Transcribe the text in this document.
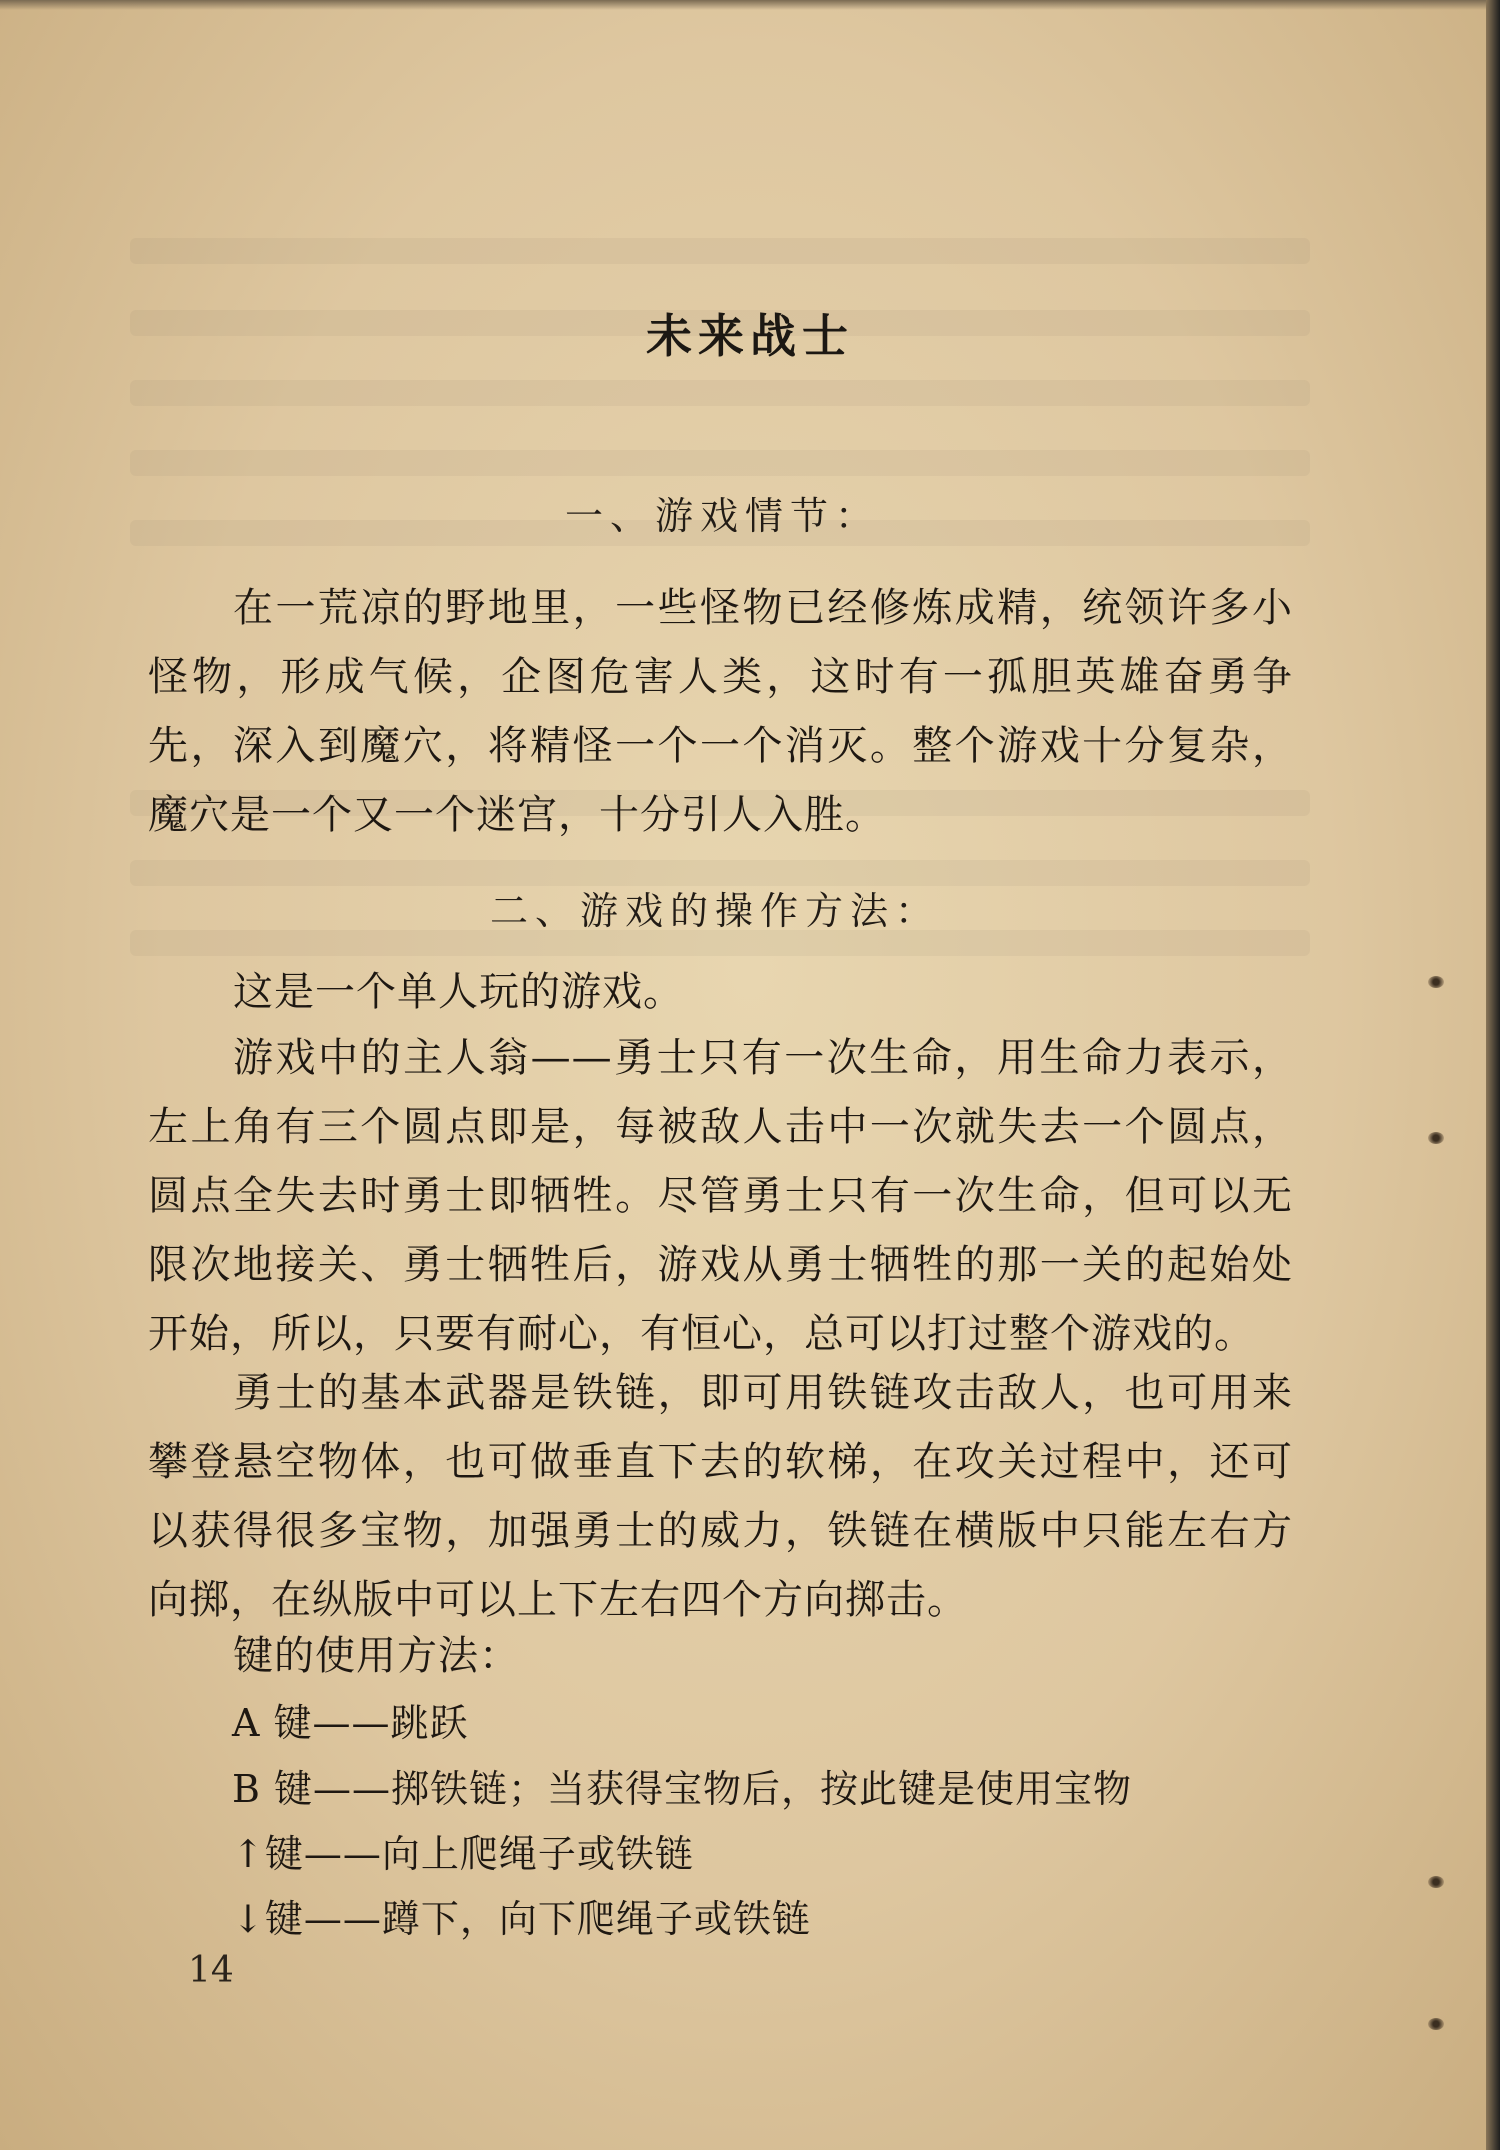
未来战士
一、游戏情节：

在一荒凉的野地里，一些怪物已经修炼成精，统领许多小怪物，形成气候，企图危害人类，这时有一孤胆英雄奋勇争先，深入到魔穴，将精怪一个一个消灭。整个游戏十分复杂，魔穴是一个又一个迷宫，十分引人入胜。

二、游戏的操作方法：

这是一个单人玩的游戏。

游戏中的主人翁——勇士只有一次生命，用生命力表示，左上角有三个圆点即是，每被敌人击中一次就失去一个圆点，圆点全失去时勇士即牺牲。尽管勇士只有一次生命，但可以无限次地接关、勇士牺牲后，游戏从勇士牺牲的那一关的起始处开始，所以，只要有耐心，有恒心，总可以打过整个游戏的。

勇士的基本武器是铁链，即可用铁链攻击敌人，也可用来攀登悬空物体，也可做垂直下去的软梯，在攻关过程中，还可以获得很多宝物，加强勇士的威力，铁链在横版中只能左右方向掷，在纵版中可以上下左右四个方向掷击。

键的使用方法：

A 键——跳跃
B 键——掷铁链；当获得宝物后，按此键是使用宝物
↑键——向上爬绳子或铁链
↓键——蹲下，向下爬绳子或铁链
14
